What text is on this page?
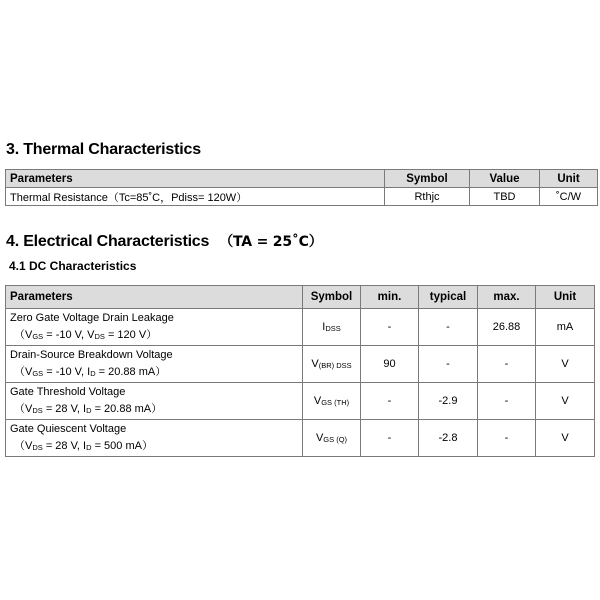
3. Thermal Characteristics
Parameters	Symbol	Value	Unit
Thermal Resistance（Tc=85˚C，Pdiss= 120W）	Rthjc	TBD	˚C/W
4. Electrical Characteristics （TA = 25˚C）
4.1 DC Characteristics
Parameters	Symbol	min.	typical	max.	Unit

Zero Gate Voltage Drain Leakage
（$V_{GS} = -10$ V, $V_{DS} = 120$ V）	$I_{DSS}$	-	-	26.88	mA

Drain-Source Breakdown Voltage
（$V_{GS} = -10$ V, $I_D = 20.88$ mA）	$V_{(BR) DSS}$	90	-	-	V

Gate Threshold Voltage
（$V_{DS} = 28$ V, $I_D = 20.88$ mA）	$V_{GS (TH)}$	-	-2.9	-	V

Gate Quiescent Voltage
（$V_{DS} = 28$ V, $I_D = 500$ mA）	$V_{GS (Q)}$	-	-2.8	-	V
